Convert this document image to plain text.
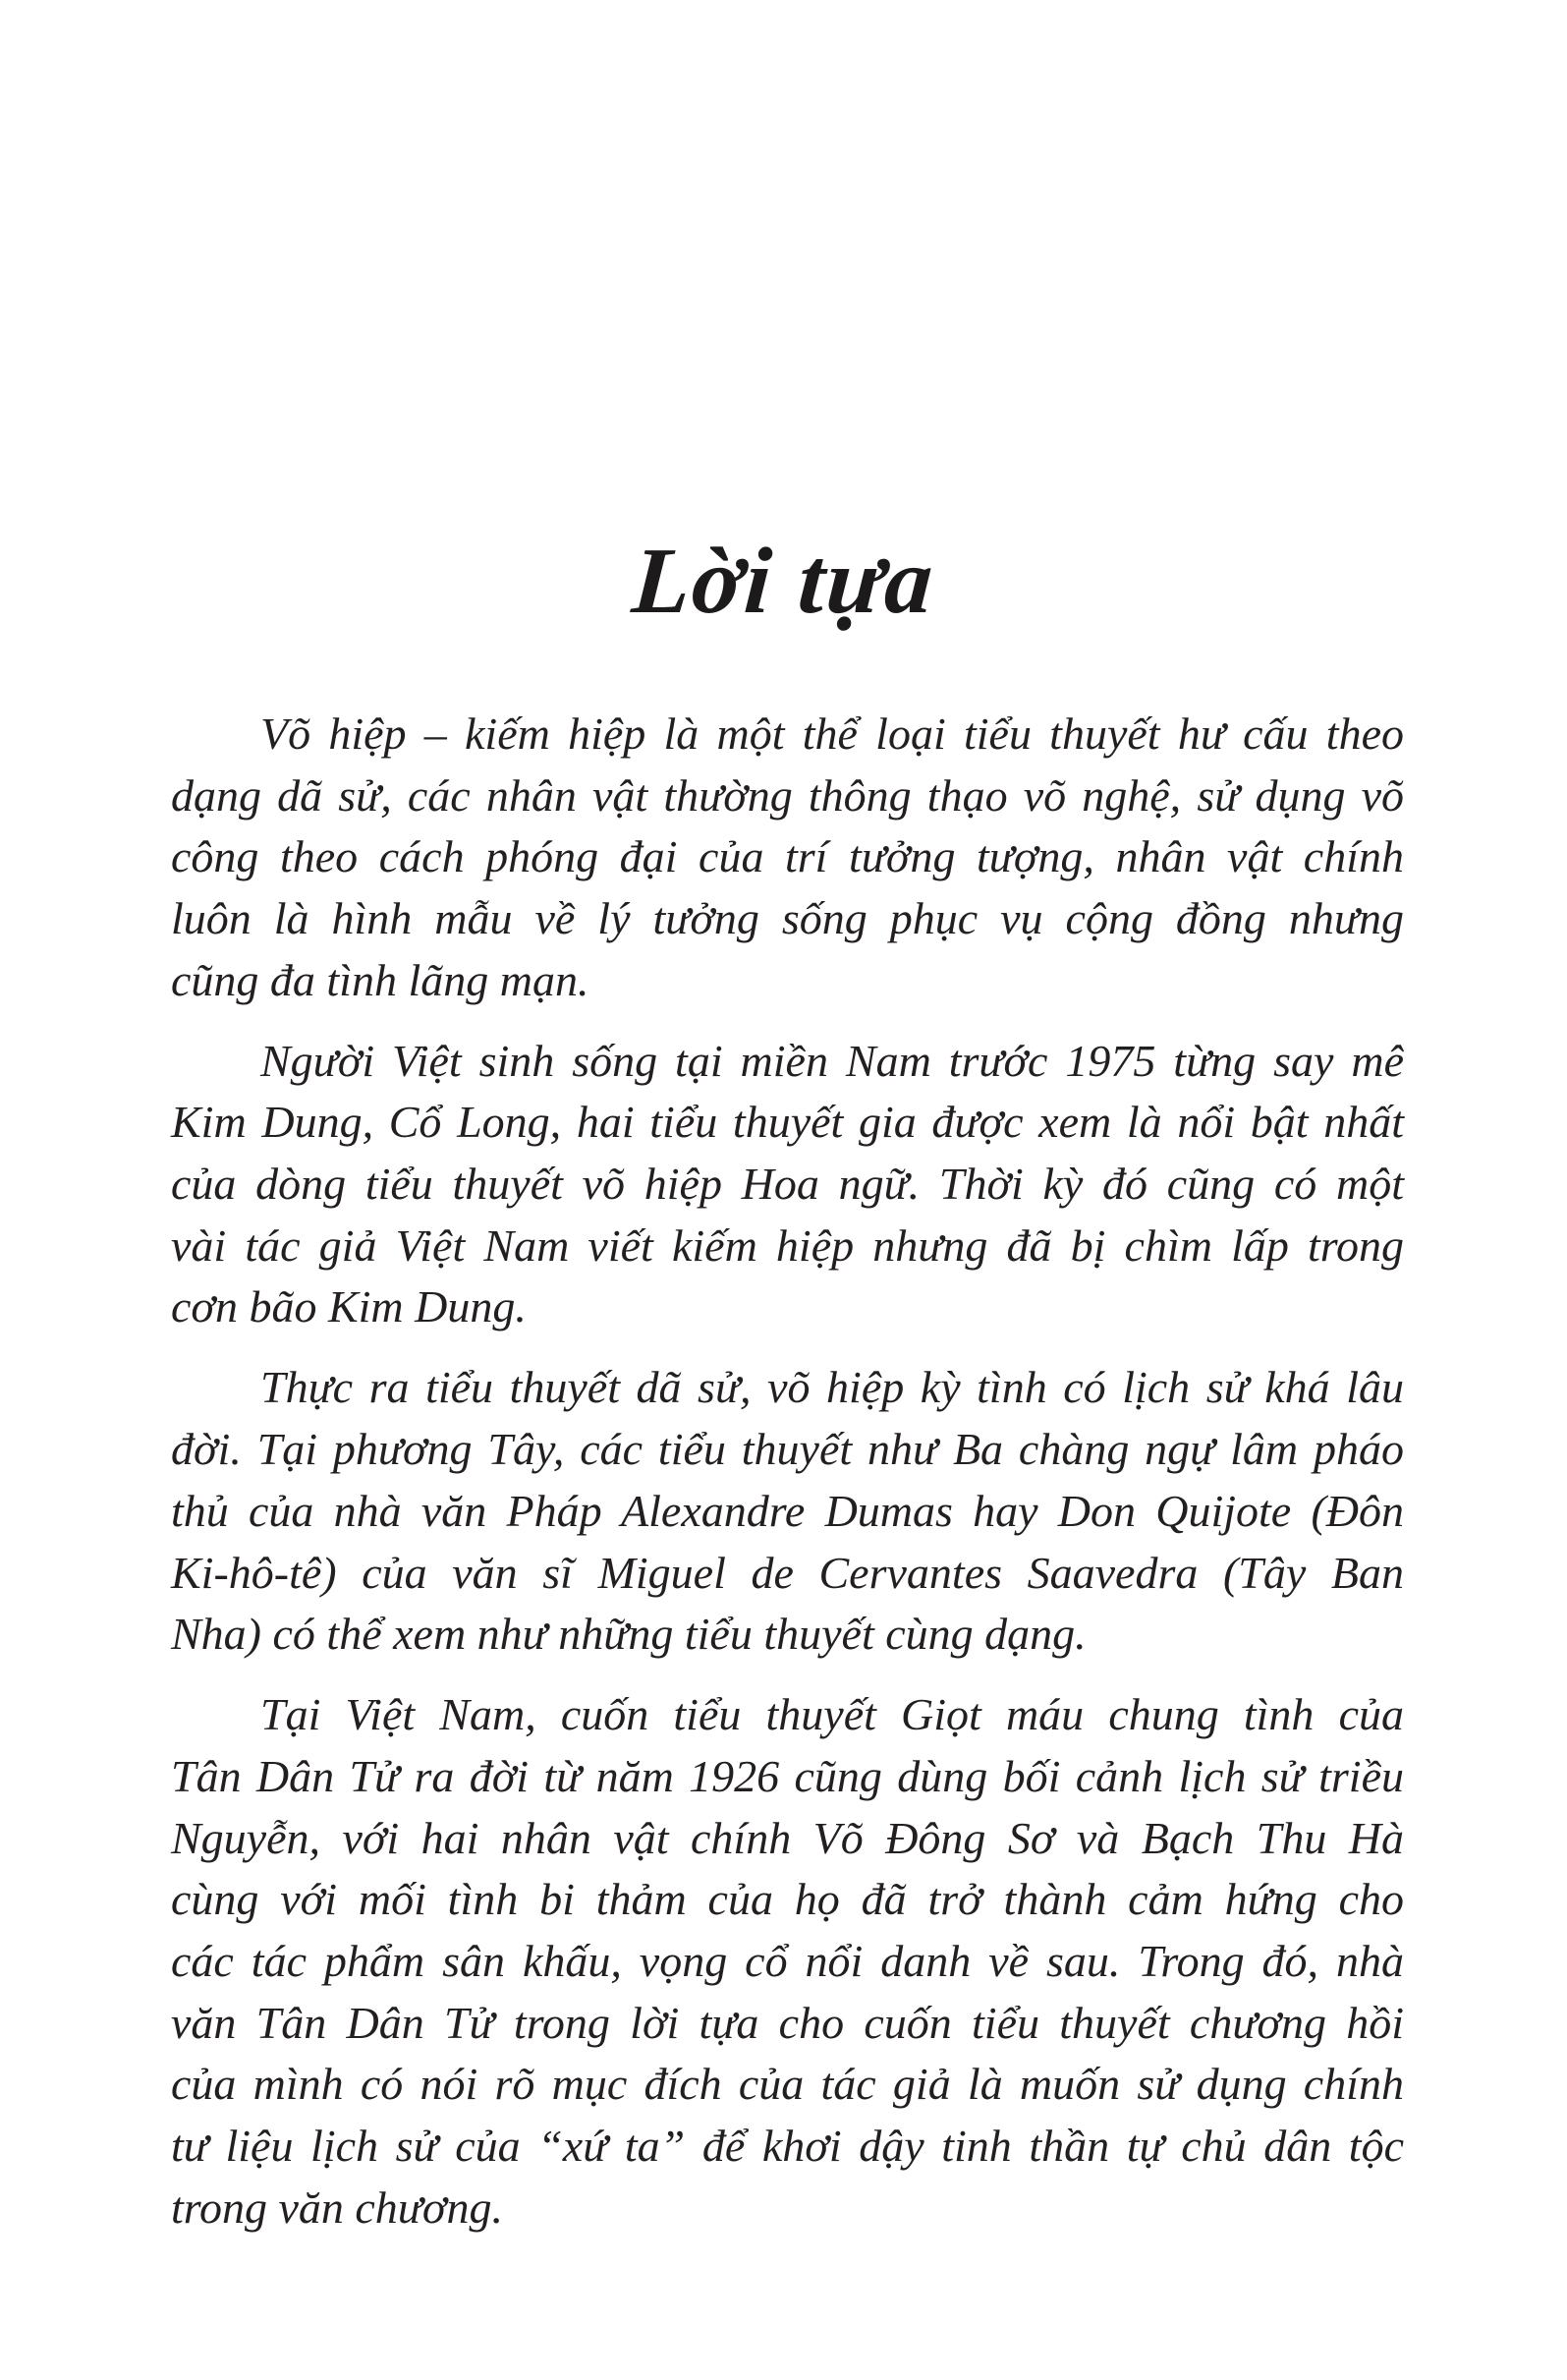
Lời tựa
Võ hiệp – kiếm hiệp là một thể loại tiểu thuyết hư cấu theo
dạng dã sử, các nhân vật thường thông thạo võ nghệ, sử dụng võ
công theo cách phóng đại của trí tưởng tượng, nhân vật chính
luôn là hình mẫu về lý tưởng sống phục vụ cộng đồng nhưng
cũng đa tình lãng mạn.
Người Việt sinh sống tại miền Nam trước 1975 từng say mê
Kim Dung, Cổ Long, hai tiểu thuyết gia được xem là nổi bật nhất
của dòng tiểu thuyết võ hiệp Hoa ngữ. Thời kỳ đó cũng có một
vài tác giả Việt Nam viết kiếm hiệp nhưng đã bị chìm lấp trong
cơn bão Kim Dung.
Thực ra tiểu thuyết dã sử, võ hiệp kỳ tình có lịch sử khá lâu
đời. Tại phương Tây, các tiểu thuyết như Ba chàng ngự lâm pháo
thủ của nhà văn Pháp Alexandre Dumas hay Don Quijote (Đôn
Ki-hô-tê) của văn sĩ Miguel de Cervantes Saavedra (Tây Ban
Nha) có thể xem như những tiểu thuyết cùng dạng.
Tại Việt Nam, cuốn tiểu thuyết Giọt máu chung tình của
Tân Dân Tử ra đời từ năm 1926 cũng dùng bối cảnh lịch sử triều
Nguyễn, với hai nhân vật chính Võ Đông Sơ và Bạch Thu Hà
cùng với mối tình bi thảm của họ đã trở thành cảm hứng cho
các tác phẩm sân khấu, vọng cổ nổi danh về sau. Trong đó, nhà
văn Tân Dân Tử trong lời tựa cho cuốn tiểu thuyết chương hồi
của mình có nói rõ mục đích của tác giả là muốn sử dụng chính
tư liệu lịch sử của “xứ ta” để khơi dậy tinh thần tự chủ dân tộc
trong văn chương.
